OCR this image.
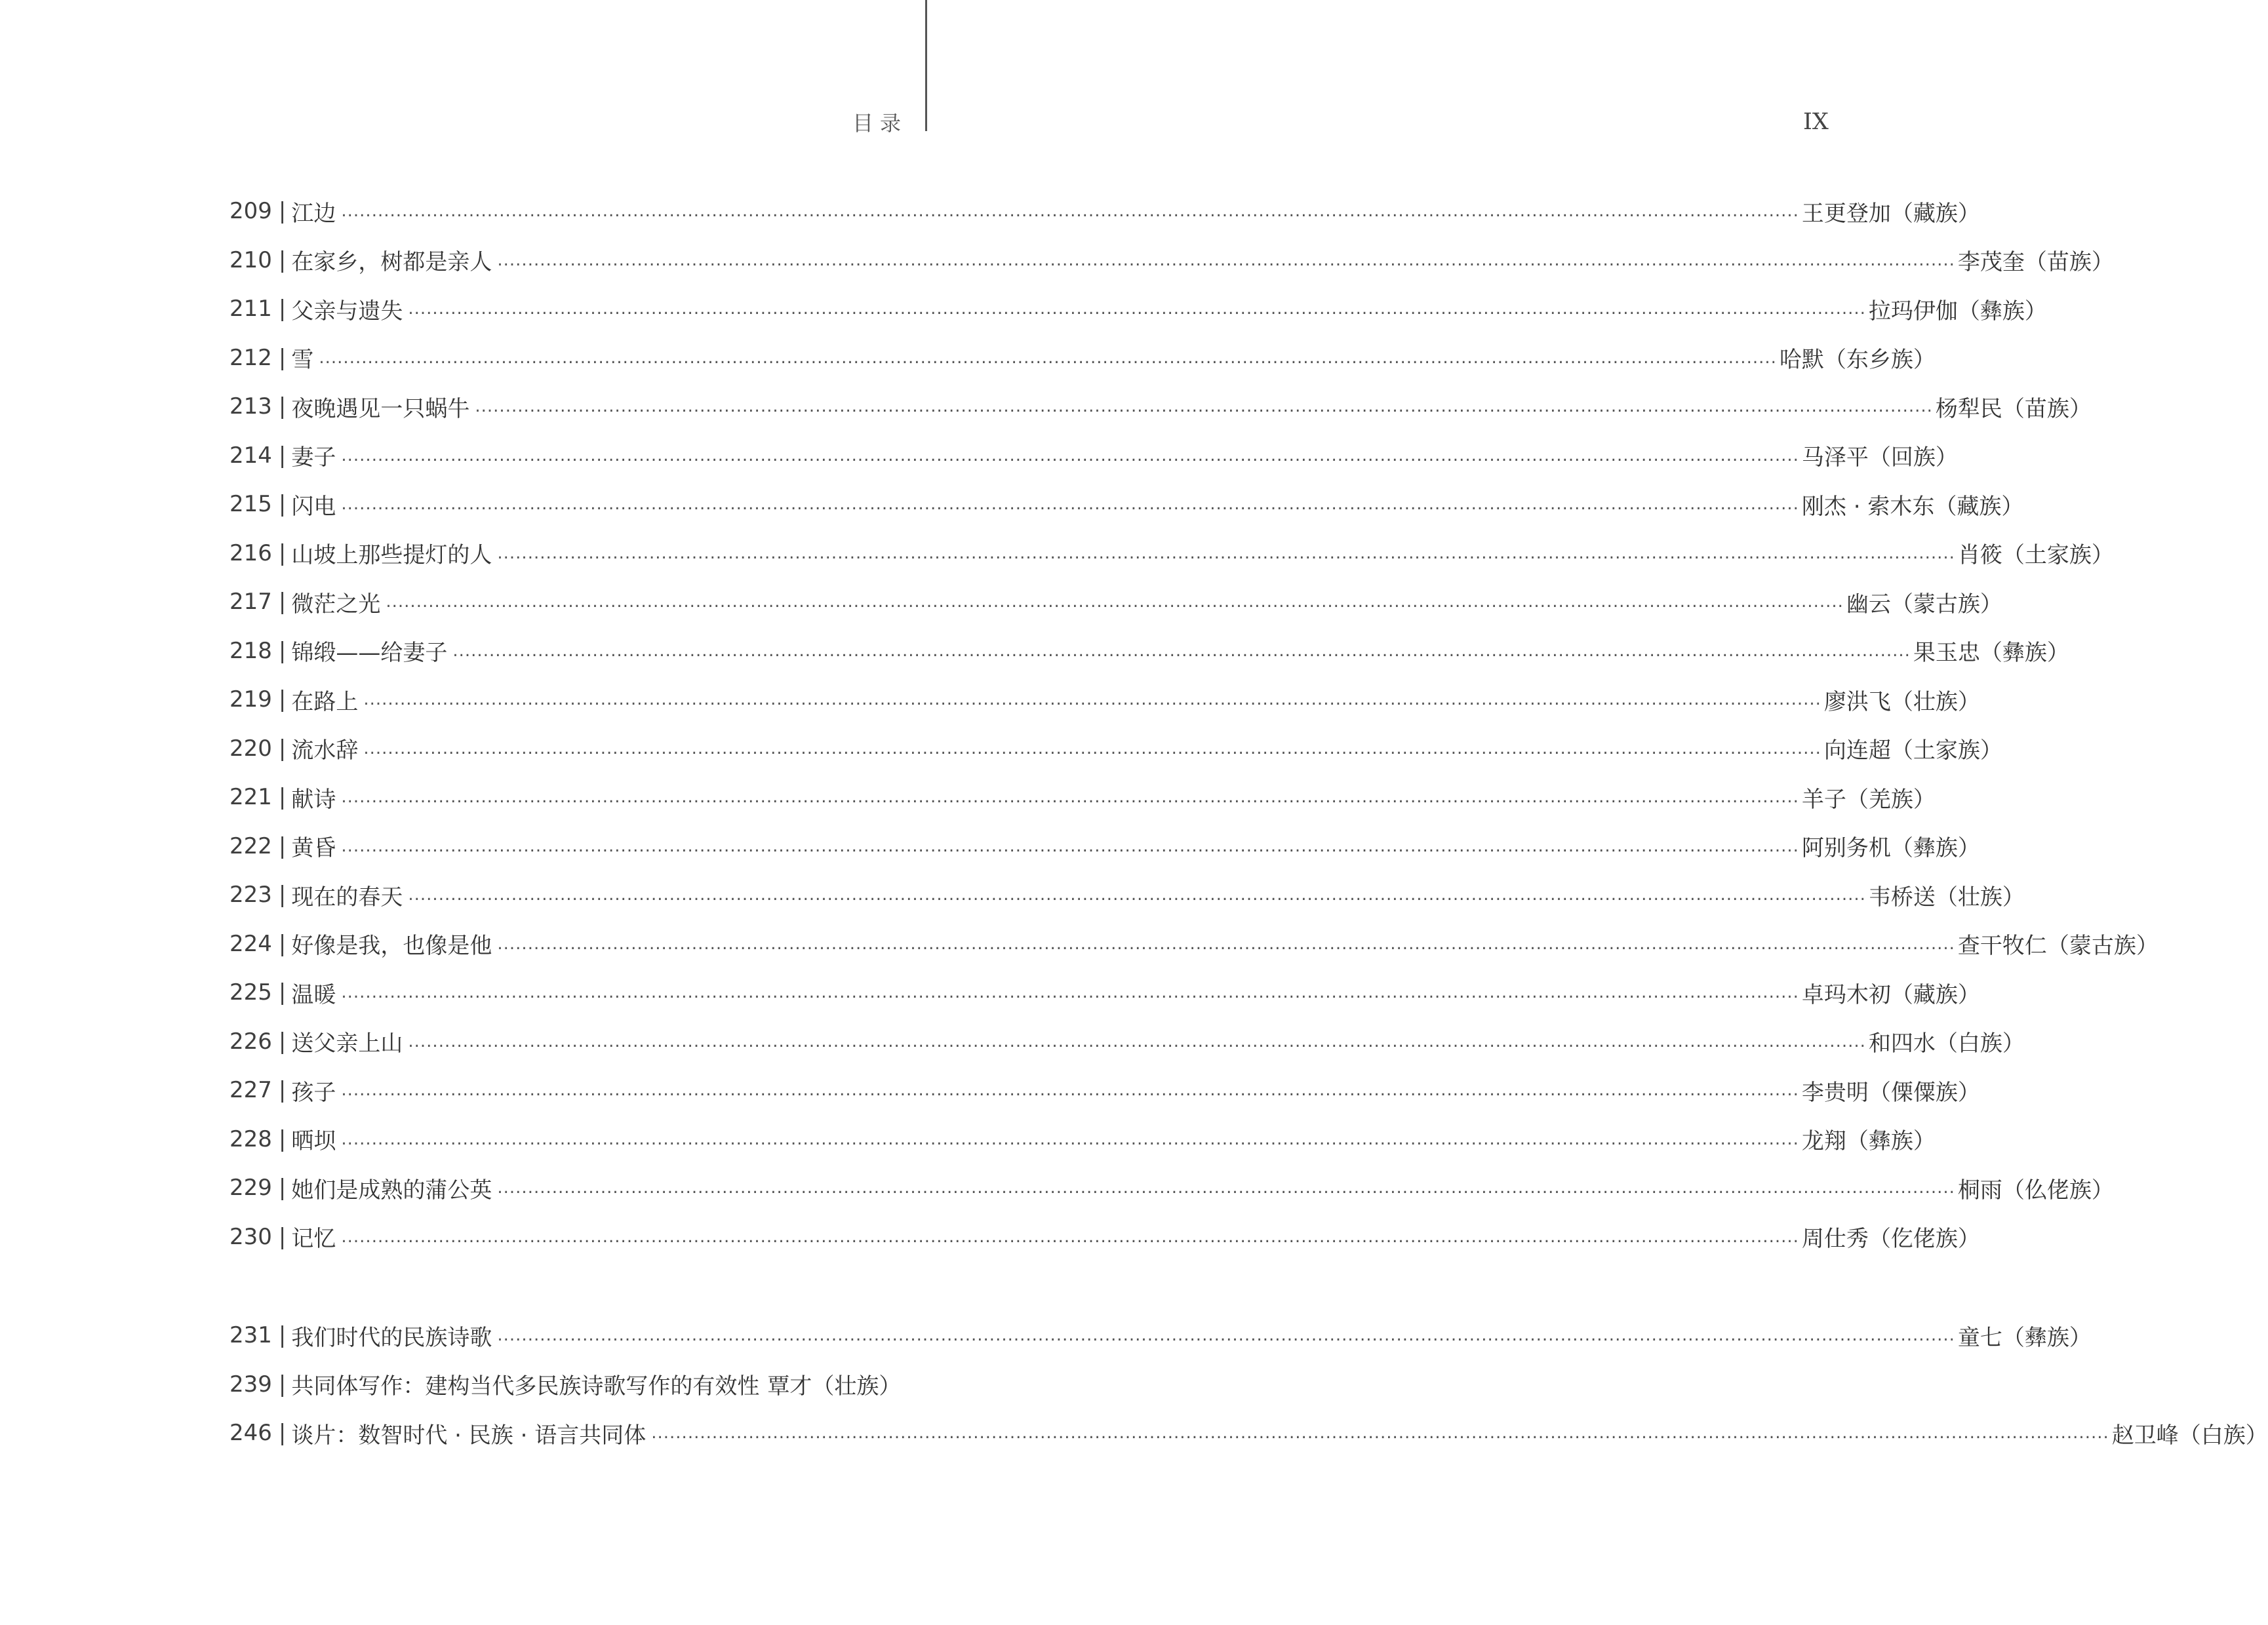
目录	IX
209 | 江边 .....	王更登加（藏族）
210 | 在家乡，树都是亲人 .....	李茂奎（苗族）
211 | 父亲与遗失 .....	拉玛伊伽（彝族）
212 | 雪 .....	哈默（东乡族）
213 | 夜晚遇见一只蜗牛 .....	杨犁民（苗族）
214 | 妻子 .....	马泽平（回族）
215 | 闪电 .....	刚杰 · 索木东（藏族）
216 | 山坡上那些提灯的人 .....	肖筱（土家族）
217 | 微茫之光 .....	幽云（蒙古族）
218 | 锦缎——给妻子 .....	果玉忠（彝族）
219 | 在路上 .....	廖洪飞（壮族）
220 | 流水辞 .....	向连超（土家族）
221 | 献诗 .....	羊子（羌族）
222 | 黄昏 .....	阿别务机（彝族）
223 | 现在的春天 .....	韦桥送（壮族）
224 | 好像是我，也像是他 .....	查干牧仁（蒙古族）
225 | 温暖 .....	卓玛木初（藏族）
226 | 送父亲上山 .....	和四水（白族）
227 | 孩子 .....	李贵明（傈僳族）
228 | 晒坝 .....	龙翔（彝族）
229 | 她们是成熟的蒲公英 .....	桐雨（仫佬族）
230 | 记忆 .....	周仕秀（仡佬族）
231 | 我们时代的民族诗歌 .....	童七（彝族）
239 | 共同体写作：建构当代多民族诗歌写作的有效性 覃才（壮族）
246 | 谈片：数智时代 · 民族 · 语言共同体 .....	赵卫峰（白族）
